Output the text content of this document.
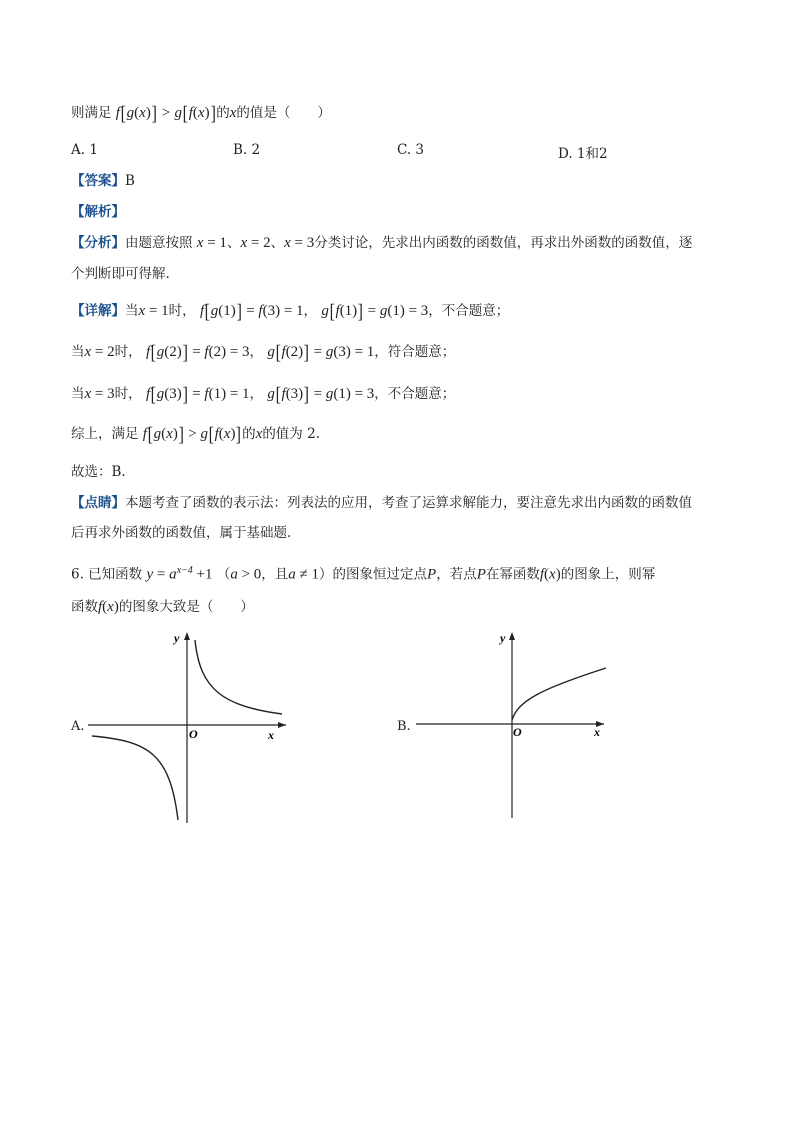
则满足 f[g(x)] > g[f(x)]的x的值是（　　）
A. 1	B. 2	C. 3	D. 1和2
【答案】B
【解析】
【分析】由题意按照 x = 1、x = 2、x = 3分类讨论，先求出内函数的函数值，再求出外函数的函数值，逐
个判断即可得解.
【详解】当x = 1时， f[g(1)] = f(3) = 1， g[f(1)] = g(1) = 3，不合题意；
当x = 2时， f[g(2)] = f(2) = 3， g[f(2)] = g(3) = 1，符合题意；
当x = 3时， f[g(3)] = f(1) = 1， g[f(3)] = g(1) = 3，不合题意；
综上，满足 f[g(x)] > g[f(x)]的x的值为 2.
故选：B.
【点睛】本题考查了函数的表示法：列表法的应用，考查了运算求解能力，要注意先求出内函数的函数值
后再求外函数的函数值，属于基础题.
6. 已知函数 $y = a^{x-4} +1$ （a > 0，且a ≠ 1）的图象恒过定点P，若点P在幂函数f(x)的图象上，则幂
函数f(x)的图象大致是（　　）
A.
x
y
O	B.	x
y
O
